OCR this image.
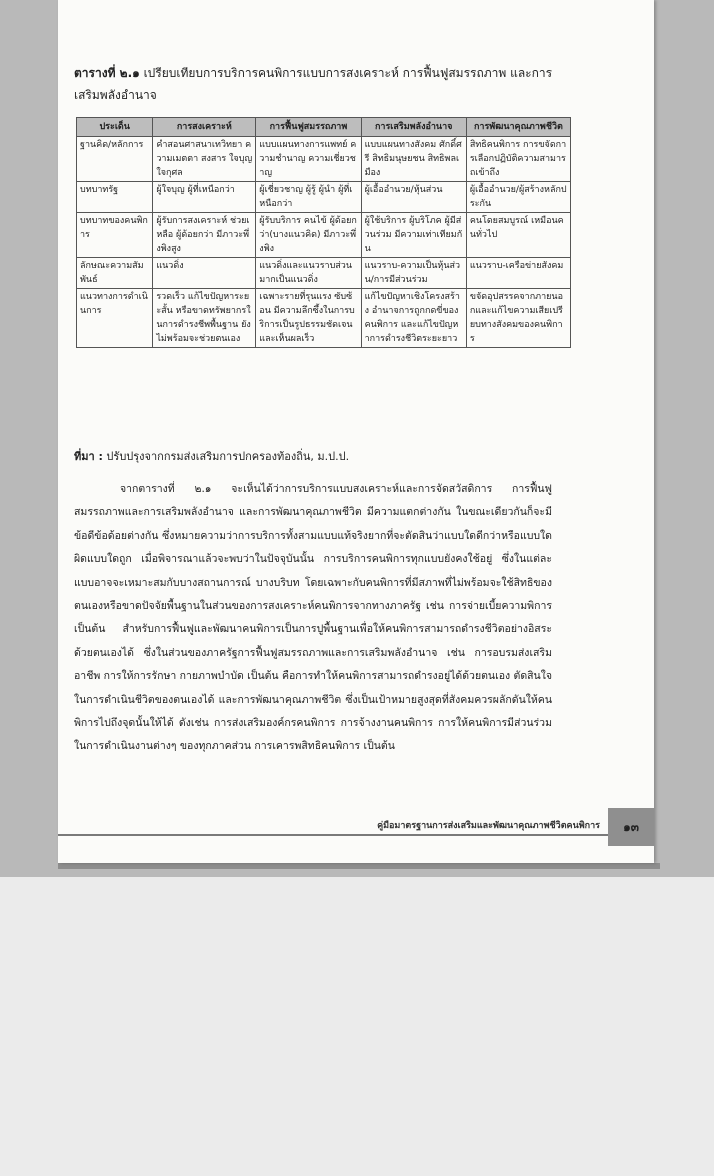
ตารางที่ ๒.๑ เปรียบเทียบการบริการคนพิการแบบการสงเคราะห์ การฟื้นฟูสมรรถภาพ และการเสริมพลังอำนาจ
ประเด็น	การสงเคราะห์	การฟื้นฟูสมรรถภาพ	การเสริมพลังอำนาจ	การพัฒนาคุณภาพชีวิต
ฐานคิด/หลักการ	คำสอนศาสนาเทวิทยา ความเมตตา สงสาร ใจบุญใจกุศล	แบบแผนทางการแพทย์ ความชำนาญ ความเชี่ยวชาญ	แบบแผนทางสังคม ศักดิ์ศรี สิทธิมนุษยชน สิทธิพลเมือง	สิทธิคนพิการ การขจัดการเลือกปฏิบัติความสามารถเข้าถึง
บทบาทรัฐ	ผู้ใจบุญ ผู้ที่เหนือกว่า	ผู้เชี่ยวชาญ ผู้รู้ ผู้นำ ผู้ที่เหนือกว่า	ผู้เอื้ออำนวย/หุ้นส่วน	ผู้เอื้ออำนวย/ผู้สร้างหลักประกัน
บทบาทของคนพิการ	ผู้รับการสงเคราะห์ ช่วยเหลือ ผู้ด้อยกว่า มีภาวะพึ่งพิงสูง	ผู้รับบริการ คนไข้ ผู้ด้อยกว่า(บางแนวคิด) มีภาวะพึ่งพิง	ผู้ใช้บริการ ผู้บริโภค ผู้มีส่วนร่วม มีความเท่าเทียมกัน	คนโดยสมบูรณ์ เหมือนคนทั่วไป
ลักษณะความสัมพันธ์	แนวดิ่ง	แนวดิ่งและแนวราบส่วนมากเป็นแนวดิ่ง	แนวราบ-ความเป็นหุ้นส่วน/การมีส่วนร่วม	แนวราบ-เครือข่ายสังคม
แนวทางการดำเนินการ	รวดเร็ว แก้ไขปัญหาระยะสั้น หรือขาดทรัพยากรในการดำรงชีพพื้นฐาน ยังไม่พร้อมจะช่วยตนเอง	เฉพาะรายที่รุนแรง ซับซ้อน มีความลึกซึ้งในการบริการเป็นรูปธรรมชัดเจน และเห็นผลเร็ว	แก้ไขปัญหาเชิงโครงสร้าง อำนาจการถูกกดขี่ของคนพิการ และแก้ไขปัญหาการดำรงชีวิตระยะยาว	ขจัดอุปสรรคจากภายนอกและแก้ไขความเสียเปรียบทางสังคมของคนพิการ
ที่มา : ปรับปรุงจากกรมส่งเสริมการปกครองท้องถิ่น, ม.ป.ป.
จากตารางที่ ๒.๑ จะเห็นได้ว่าการบริการแบบสงเคราะห์และการจัดสวัสดิการ การฟื้นฟูสมรรถภาพและการเสริมพลังอำนาจ และการพัฒนาคุณภาพชีวิต มีความแตกต่างกัน ในขณะเดียวกันก็จะมีข้อดีข้อด้อยต่างกัน ซึ่งหมายความว่าการบริการทั้งสามแบบแท้จริงยากที่จะตัดสินว่าแบบใดดีกว่าหรือแบบใดผิดแบบใดถูก เมื่อพิจารณาแล้วจะพบว่าในปัจจุบันนั้น การบริการคนพิการทุกแบบยังคงใช้อยู่ ซึ่งในแต่ละแบบอาจจะเหมาะสมกับบางสถานการณ์ บางบริบท โดยเฉพาะกับคนพิการที่มีสภาพที่ไม่พร้อมจะใช้สิทธิของตนเองหรือขาดปัจจัยพื้นฐานในส่วนของการสงเคราะห์คนพิการจากทางภาครัฐ เช่น การจ่ายเบี้ยความพิการ เป็นต้น สำหรับการฟื้นฟูและพัฒนาคนพิการเป็นการปูพื้นฐานเพื่อให้คนพิการสามารถดำรงชีวิตอย่างอิสระด้วยตนเองได้ ซึ่งในส่วนของภาครัฐการฟื้นฟูสมรรถภาพและการเสริมพลังอำนาจ เช่น การอบรมส่งเสริมอาชีพ การให้การรักษา กายภาพบำบัด เป็นต้น คือการทำให้คนพิการสามารถดำรงอยู่ได้ด้วยตนเอง ตัดสินใจในการดำเนินชีวิตของตนเองได้ และการพัฒนาคุณภาพชีวิต ซึ่งเป็นเป้าหมายสูงสุดที่สังคมควรผลักดันให้คนพิการไปถึงจุดนั้นให้ได้ ดังเช่น การส่งเสริมองค์กรคนพิการ การจ้างงานคนพิการ การให้คนพิการมีส่วนร่วมในการดำเนินงานต่างๆ ของทุกภาคส่วน การเคารพสิทธิคนพิการ เป็นต้น
คู่มือมาตรฐานการส่งเสริมและพัฒนาคุณภาพชีวิตคนพิการ ๑๓
